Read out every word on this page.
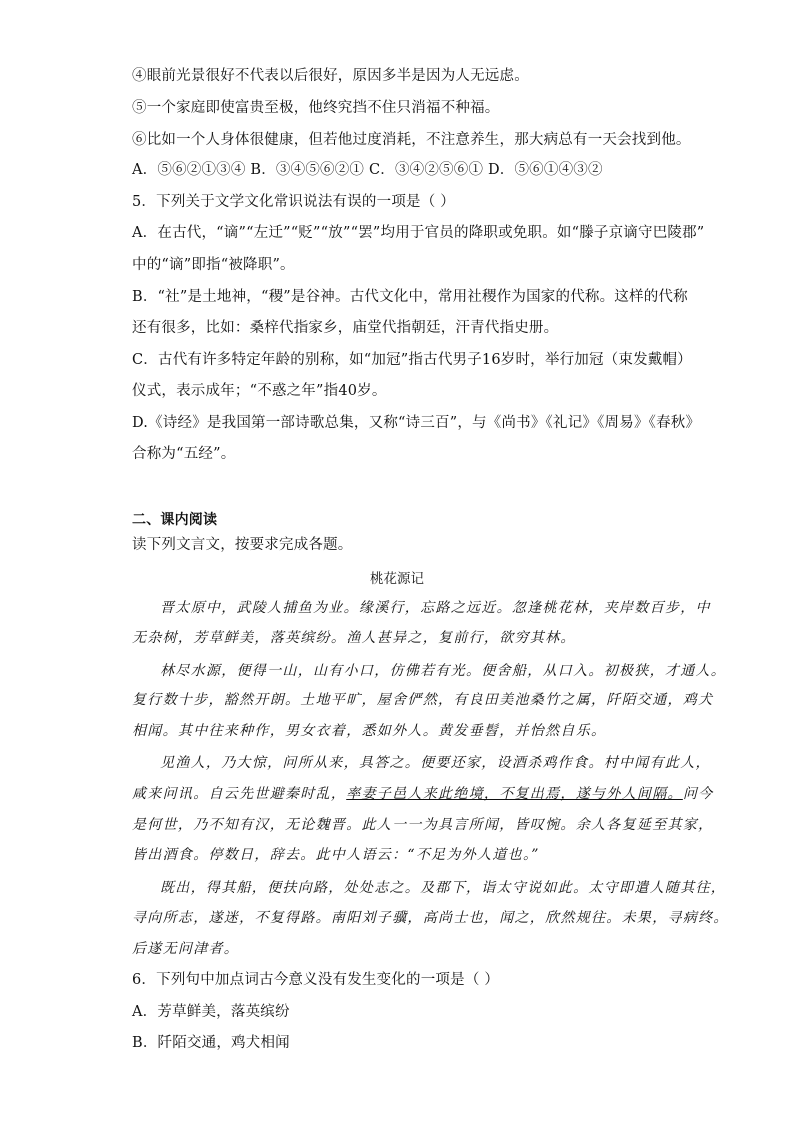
④眼前光景很好不代表以后很好，原因多半是因为人无远虑。
⑤一个家庭即使富贵至极，他终究挡不住只消福不种福。
⑥比如一个人身体很健康，但若他过度消耗，不注意养生，那大病总有一天会找到他。
A．⑤⑥②①③④ B．③④⑤⑥②① C．③④②⑤⑥① D．⑤⑥①④③②
5．下列关于文学文化常识说法有误的一项是（ ）
A．在古代，“谪”“左迁”“贬”“放”“罢”均用于官员的降职或免职。如“滕子京谪守巴陵郡”
中的“谪”即指“被降职”。
B．“社”是土地神，“稷”是谷神。古代文化中，常用社稷作为国家的代称。这样的代称
还有很多，比如：桑梓代指家乡，庙堂代指朝廷，汗青代指史册。
C．古代有许多特定年龄的别称，如“加冠”指古代男子16岁时，举行加冠（束发戴帽）
仪式，表示成年；“不惑之年”指40岁。
D.《诗经》是我国第一部诗歌总集，又称“诗三百”，与《尚书》《礼记》《周易》《春秋》
合称为“五经”。
二、课内阅读
读下列文言文，按要求完成各题。
桃花源记
晋太原中，武陵人捕鱼为业。缘溪行，忘路之远近。忽逢桃花林，夹岸数百步，中
无杂树，芳草鲜美，落英缤纷。渔人甚异之，复前行，欲穷其林。
林尽水源，便得一山，山有小口，仿佛若有光。便舍船，从口入。初极狭，才通人。
复行数十步，豁然开朗。土地平旷，屋舍俨然，有良田美池桑竹之属，阡陌交通，鸡犬
相闻。其中往来种作，男女衣着，悉如外人。黄发垂髫，并怡然自乐。
见渔人，乃大惊，问所从来，具答之。便要还家，设酒杀鸡作食。村中闻有此人，
咸来问讯。自云先世避秦时乱，率妻子邑人来此绝境，不复出焉，遂与外人间隔。问今
是何世，乃不知有汉，无论魏晋。此人一一为具言所闻，皆叹惋。余人各复延至其家，
皆出酒食。停数日，辞去。此中人语云：“不足为外人道也。”
既出，得其船，便扶向路，处处志之。及郡下，诣太守说如此。太守即遣人随其往，
寻向所志，遂迷，不复得路。南阳刘子骥，高尚士也，闻之，欣然规往。未果，寻病终。
后遂无问津者。
6．下列句中加点词古今意义没有发生变化的一项是（ ）
A．芳草鲜美，落英缤纷
B．阡陌交通，鸡犬相闻
